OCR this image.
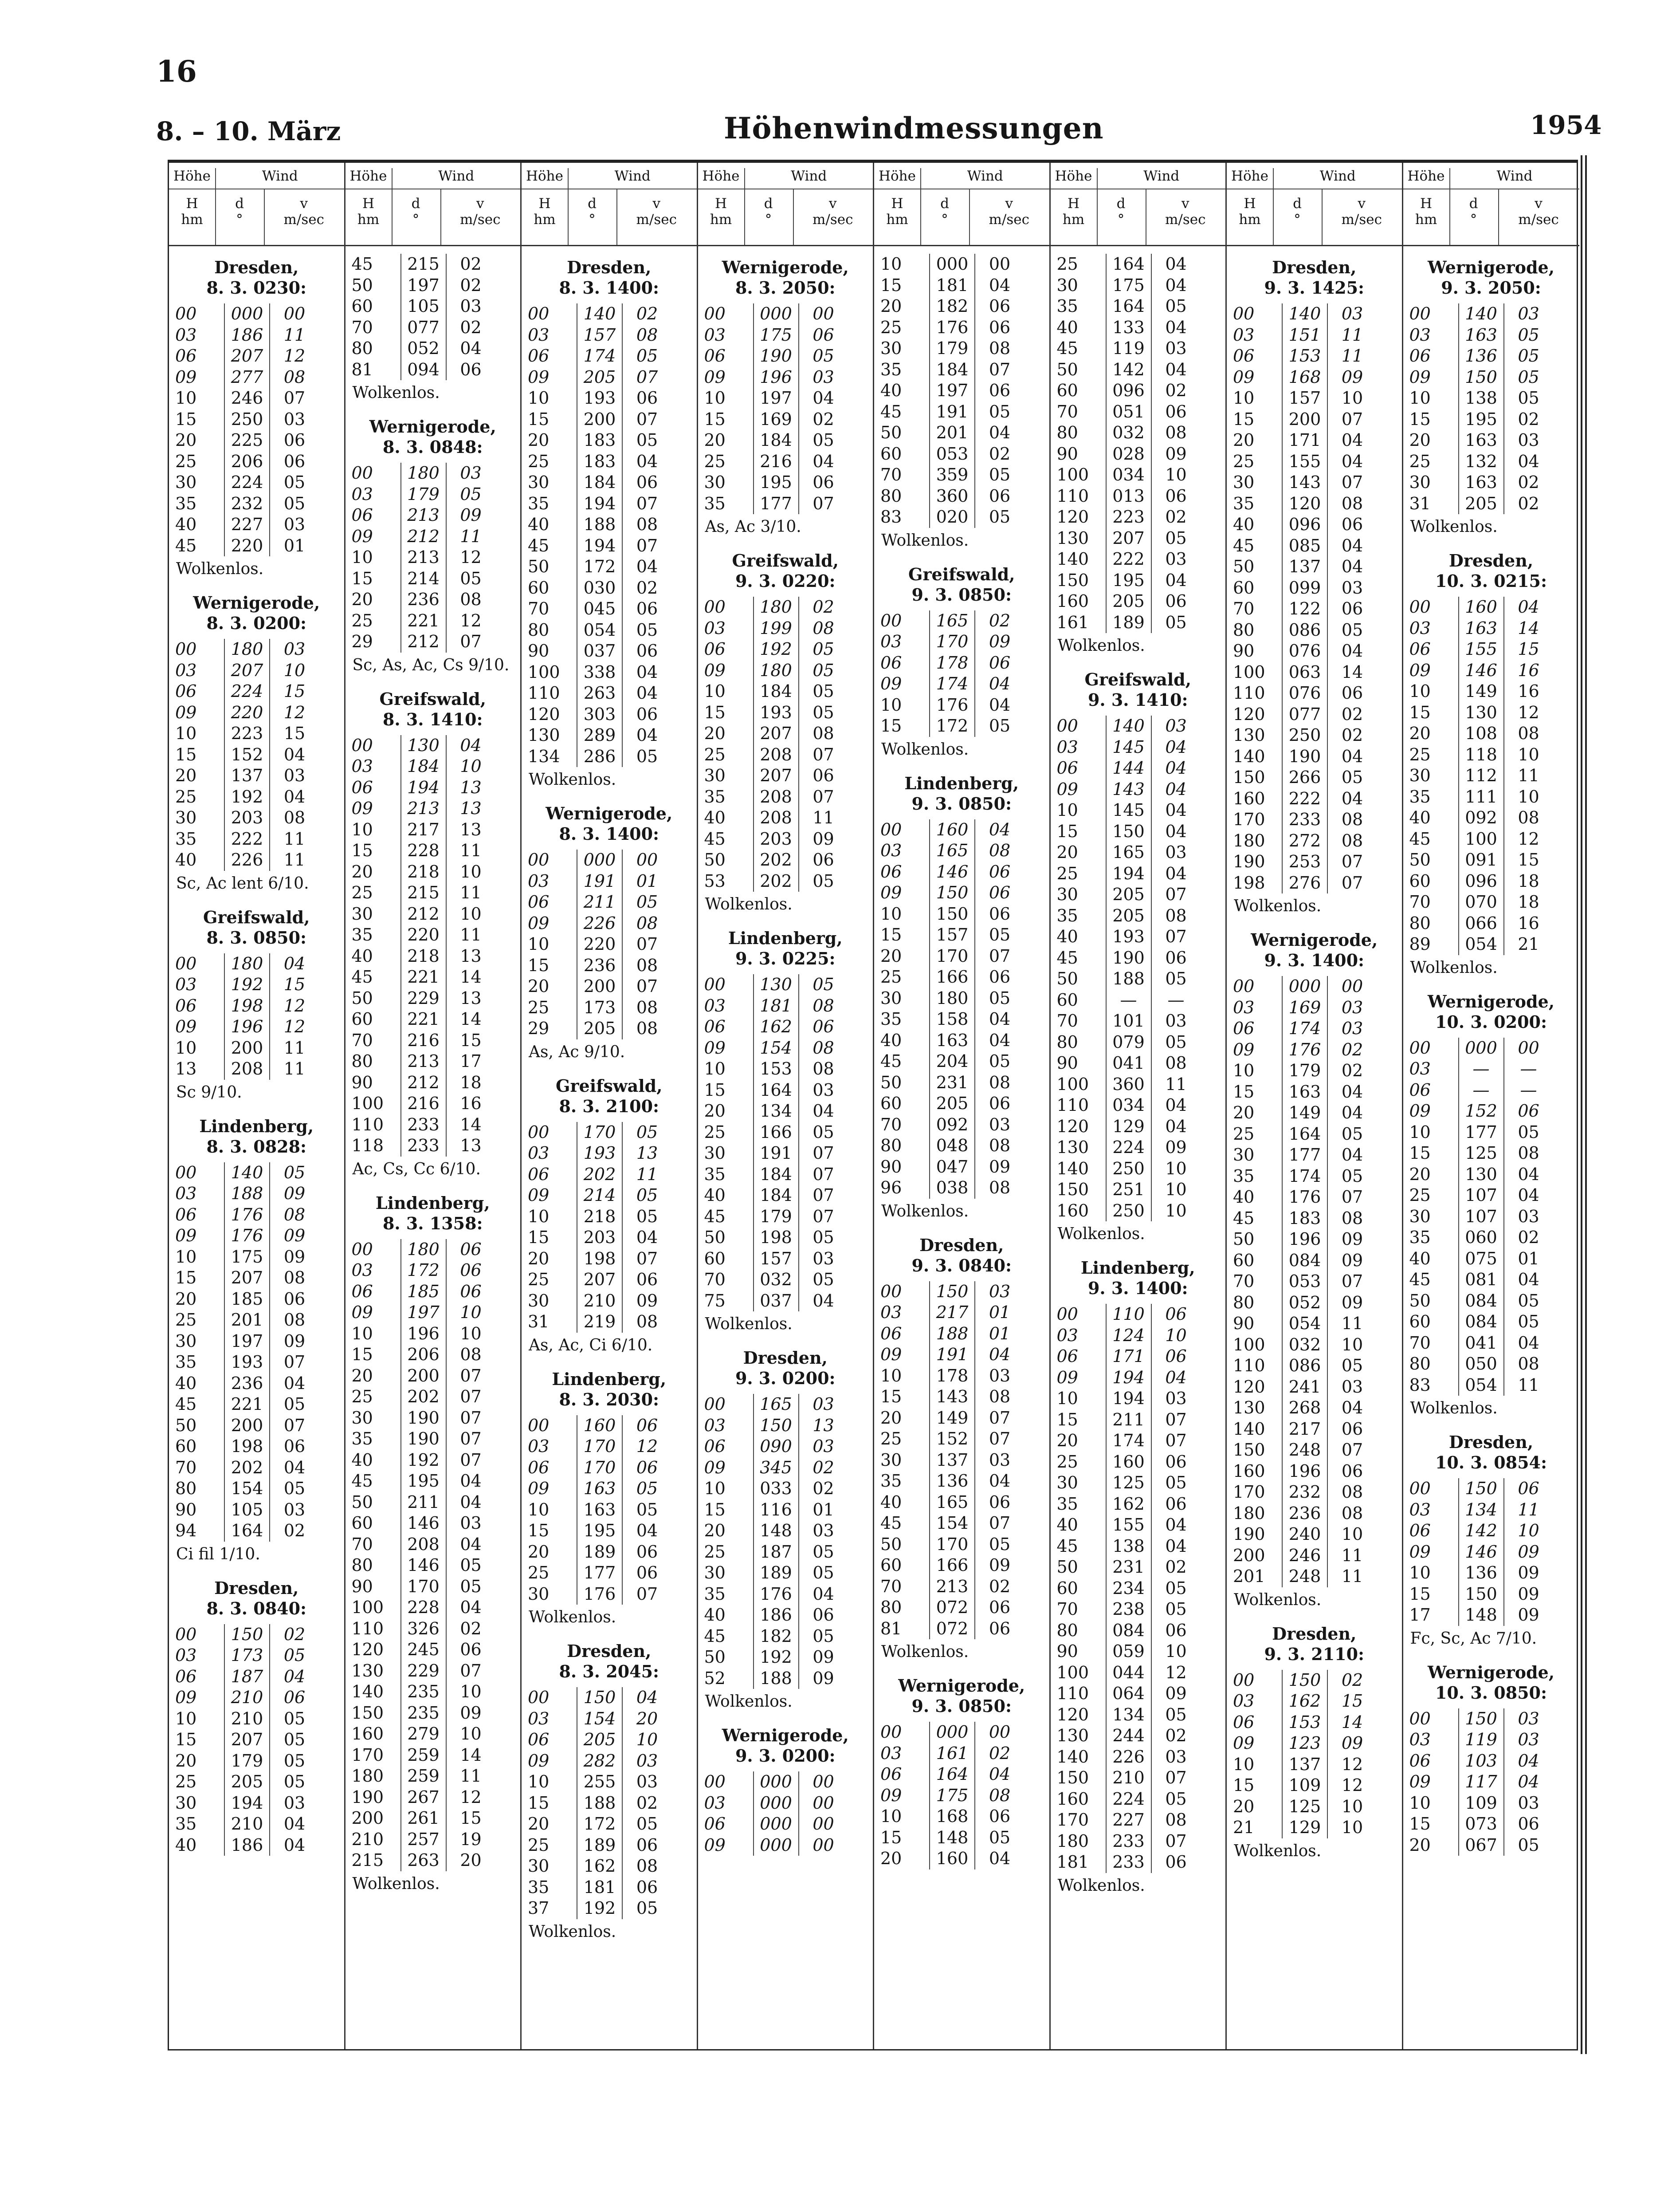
16
8. – 10. März	Höhenwindmessungen	1954
Höhe	Wind
H
hm
d
°
v
m/sec
Dresden,
8. 3. 0230:
00	000	00
03	186	11
06	207	12
09	277	08
10	246	07
15	250	03
20	225	06
25	206	06
30	224	05
35	232	05
40	227	03
45	220	01
Wolkenlos.
Wernigerode,
8. 3. 0200:
00	180	03
03	207	10
06	224	15
09	220	12
10	223	15
15	152	04
20	137	03
25	192	04
30	203	08
35	222	11
40	226	11
Sc, Ac lent 6/10.
Greifswald,
8. 3. 0850:
00	180	04
03	192	15
06	198	12
09	196	12
10	200	11
13	208	11
Sc 9/10.
Lindenberg,
8. 3. 0828:
00	140	05
03	188	09
06	176	08
09	176	09
10	175	09
15	207	08
20	185	06
25	201	08
30	197	09
35	193	07
40	236	04
45	221	05
50	200	07
60	198	06
70	202	04
80	154	05
90	105	03
94	164	02
Ci fil 1/10.
Dresden,
8. 3. 0840:
00	150	02
03	173	05
06	187	04
09	210	06
10	210	05
15	207	05
20	179	05
25	205	05
30	194	03
35	210	04
40	186	04
Höhe	Wind
H
hm
d
°
v
m/sec
45	215	02
50	197	02
60	105	03
70	077	02
80	052	04
81	094	06
Wolkenlos.
Wernigerode,
8. 3. 0848:
00	180	03
03	179	05
06	213	09
09	212	11
10	213	12
15	214	05
20	236	08
25	221	12
29	212	07
Sc, As, Ac, Cs 9/10.
Greifswald,
8. 3. 1410:
00	130	04
03	184	10
06	194	13
09	213	13
10	217	13
15	228	11
20	218	10
25	215	11
30	212	10
35	220	11
40	218	13
45	221	14
50	229	13
60	221	14
70	216	15
80	213	17
90	212	18
100	216	16
110	233	14
118	233	13
Ac, Cs, Cc 6/10.
Lindenberg,
8. 3. 1358:
00	180	06
03	172	06
06	185	06
09	197	10
10	196	10
15	206	08
20	200	07
25	202	07
30	190	07
35	190	07
40	192	07
45	195	04
50	211	04
60	146	03
70	208	04
80	146	05
90	170	05
100	228	04
110	326	02
120	245	06
130	229	07
140	235	10
150	235	09
160	279	10
170	259	14
180	259	11
190	267	12
200	261	15
210	257	19
215	263	20
Wolkenlos.
Höhe	Wind
H
hm
d
°
v
m/sec
Dresden,
8. 3. 1400:
00	140	02
03	157	08
06	174	05
09	205	07
10	193	06
15	200	07
20	183	05
25	183	04
30	184	06
35	194	07
40	188	08
45	194	07
50	172	04
60	030	02
70	045	06
80	054	05
90	037	06
100	338	04
110	263	04
120	303	06
130	289	04
134	286	05
Wolkenlos.
Wernigerode,
8. 3. 1400:
00	000	00
03	191	01
06	211	05
09	226	08
10	220	07
15	236	08
20	200	07
25	173	08
29	205	08
As, Ac 9/10.
Greifswald,
8. 3. 2100:
00	170	05
03	193	13
06	202	11
09	214	05
10	218	05
15	203	04
20	198	07
25	207	06
30	210	09
31	219	08
As, Ac, Ci 6/10.
Lindenberg,
8. 3. 2030:
00	160	06
03	170	12
06	170	06
09	163	05
10	163	05
15	195	04
20	189	06
25	177	06
30	176	07
Wolkenlos.
Dresden,
8. 3. 2045:
00	150	04
03	154	20
06	205	10
09	282	03
10	255	03
15	188	02
20	172	05
25	189	06
30	162	08
35	181	06
37	192	05
Wolkenlos.
Höhe	Wind
H
hm
d
°
v
m/sec
Wernigerode,
8. 3. 2050:
00	000	00
03	175	06
06	190	05
09	196	03
10	197	04
15	169	02
20	184	05
25	216	04
30	195	06
35	177	07
As, Ac 3/10.
Greifswald,
9. 3. 0220:
00	180	02
03	199	08
06	192	05
09	180	05
10	184	05
15	193	05
20	207	08
25	208	07
30	207	06
35	208	07
40	208	11
45	203	09
50	202	06
53	202	05
Wolkenlos.
Lindenberg,
9. 3. 0225:
00	130	05
03	181	08
06	162	06
09	154	08
10	153	08
15	164	03
20	134	04
25	166	05
30	191	07
35	184	07
40	184	07
45	179	07
50	198	05
60	157	03
70	032	05
75	037	04
Wolkenlos.
Dresden,
9. 3. 0200:
00	165	03
03	150	13
06	090	03
09	345	02
10	033	02
15	116	01
20	148	03
25	187	05
30	189	05
35	176	04
40	186	06
45	182	05
50	192	09
52	188	09
Wolkenlos.
Wernigerode,
9. 3. 0200:
00	000	00
03	000	00
06	000	00
09	000	00
Höhe	Wind
H
hm
d
°
v
m/sec
10	000	00
15	181	04
20	182	06
25	176	06
30	179	08
35	184	07
40	197	06
45	191	05
50	201	04
60	053	02
70	359	05
80	360	06
83	020	05
Wolkenlos.
Greifswald,
9. 3. 0850:
00	165	02
03	170	09
06	178	06
09	174	04
10	176	04
15	172	05
Wolkenlos.
Lindenberg,
9. 3. 0850:
00	160	04
03	165	08
06	146	06
09	150	06
10	150	06
15	157	05
20	170	07
25	166	06
30	180	05
35	158	04
40	163	04
45	204	05
50	231	08
60	205	06
70	092	03
80	048	08
90	047	09
96	038	08
Wolkenlos.
Dresden,
9. 3. 0840:
00	150	03
03	217	01
06	188	01
09	191	04
10	178	03
15	143	08
20	149	07
25	152	07
30	137	03
35	136	04
40	165	06
45	154	07
50	170	05
60	166	09
70	213	02
80	072	06
81	072	06
Wolkenlos.
Wernigerode,
9. 3. 0850:
00	000	00
03	161	02
06	164	04
09	175	08
10	168	06
15	148	05
20	160	04
Höhe	Wind
H
hm
d
°
v
m/sec
25	164	04
30	175	04
35	164	05
40	133	04
45	119	03
50	142	04
60	096	02
70	051	06
80	032	08
90	028	09
100	034	10
110	013	06
120	223	02
130	207	05
140	222	03
150	195	04
160	205	06
161	189	05
Wolkenlos.
Greifswald,
9. 3. 1410:
00	140	03
03	145	04
06	144	04
09	143	04
10	145	04
15	150	04
20	165	03
25	194	04
30	205	07
35	205	08
40	193	07
45	190	06
50	188	05
60	—	—
70	101	03
80	079	05
90	041	08
100	360	11
110	034	04
120	129	04
130	224	09
140	250	10
150	251	10
160	250	10
Wolkenlos.
Lindenberg,
9. 3. 1400:
00	110	06
03	124	10
06	171	06
09	194	04
10	194	03
15	211	07
20	174	07
25	160	06
30	125	05
35	162	06
40	155	04
45	138	04
50	231	02
60	234	05
70	238	05
80	084	06
90	059	10
100	044	12
110	064	09
120	134	05
130	244	02
140	226	03
150	210	07
160	224	05
170	227	08
180	233	07
181	233	06
Wolkenlos.
Höhe	Wind
H
hm
d
°
v
m/sec
Dresden,
9. 3. 1425:
00	140	03
03	151	11
06	153	11
09	168	09
10	157	10
15	200	07
20	171	04
25	155	04
30	143	07
35	120	08
40	096	06
45	085	04
50	137	04
60	099	03
70	122	06
80	086	05
90	076	04
100	063	14
110	076	06
120	077	02
130	250	02
140	190	04
150	266	05
160	222	04
170	233	08
180	272	08
190	253	07
198	276	07
Wolkenlos.
Wernigerode,
9. 3. 1400:
00	000	00
03	169	03
06	174	03
09	176	02
10	179	02
15	163	04
20	149	04
25	164	05
30	177	04
35	174	05
40	176	07
45	183	08
50	196	09
60	084	09
70	053	07
80	052	09
90	054	11
100	032	10
110	086	05
120	241	03
130	268	04
140	217	06
150	248	07
160	196	06
170	232	08
180	236	08
190	240	10
200	246	11
201	248	11
Wolkenlos.
Dresden,
9. 3. 2110:
00	150	02
03	162	15
06	153	14
09	123	09
10	137	12
15	109	12
20	125	10
21	129	10
Wolkenlos.
Höhe	Wind
H
hm
d
°
v
m/sec
Wernigerode,
9. 3. 2050:
00	140	03
03	163	05
06	136	05
09	150	05
10	138	05
15	195	02
20	163	03
25	132	04
30	163	02
31	205	02
Wolkenlos.
Dresden,
10. 3. 0215:
00	160	04
03	163	14
06	155	15
09	146	16
10	149	16
15	130	12
20	108	08
25	118	10
30	112	11
35	111	10
40	092	08
45	100	12
50	091	15
60	096	18
70	070	18
80	066	16
89	054	21
Wolkenlos.
Wernigerode,
10. 3. 0200:
00	000	00
03	—	—
06	—	—
09	152	06
10	177	05
15	125	08
20	130	04
25	107	04
30	107	03
35	060	02
40	075	01
45	081	04
50	084	05
60	084	05
70	041	04
80	050	08
83	054	11
Wolkenlos.
Dresden,
10. 3. 0854:
00	150	06
03	134	11
06	142	10
09	146	09
10	136	09
15	150	09
17	148	09
Fc, Sc, Ac 7/10.
Wernigerode,
10. 3. 0850:
00	150	03
03	119	03
06	103	04
09	117	04
10	109	03
15	073	06
20	067	05
